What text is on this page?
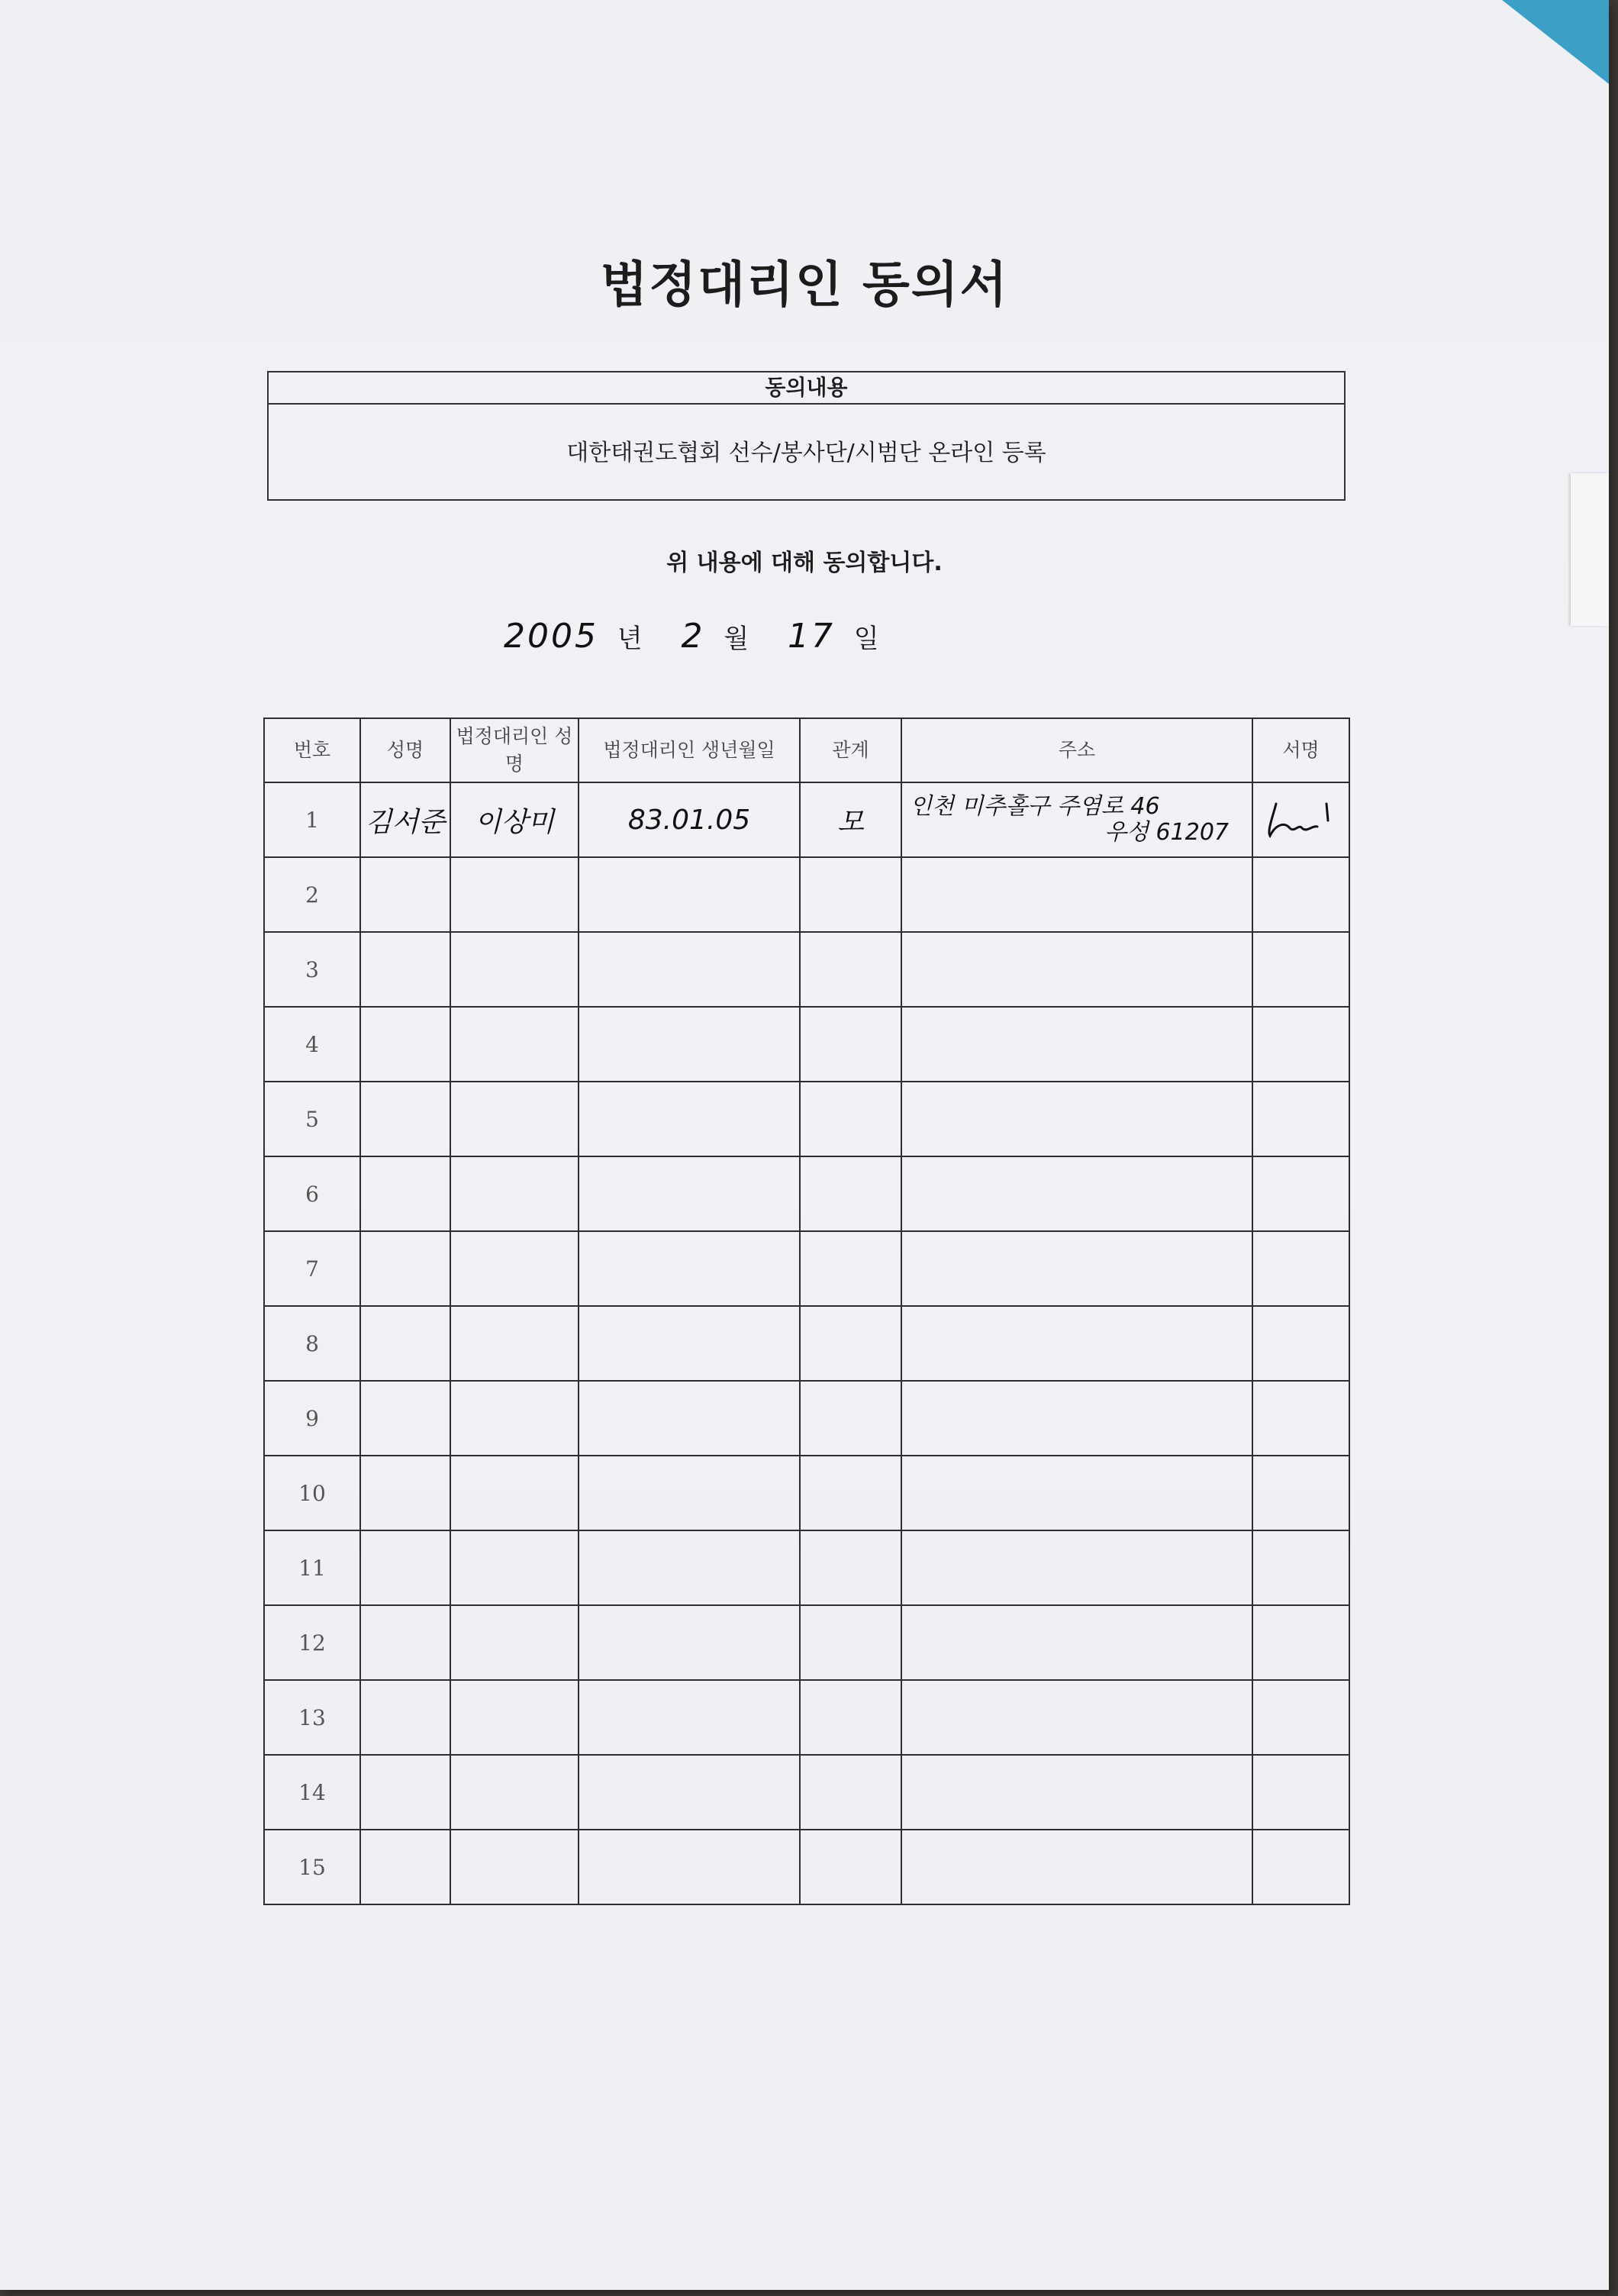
법정대리인 동의서
동의내용
대한태권도협회 선수/봉사단/시범단 온라인 등록
위 내용에 대해 동의합니다.
2005 년 2 월 17 일
번호	성명	법정대리인 성명	법정대리인 생년월일	관계	주소	서명
1	김서준	이상미	83.01.05	모	인천 미추홀구 주염로 46
우성 61207

2						
3						
4						
5						
6						
7						
8						
9						
10						
11						
12						
13						
14						
15						
